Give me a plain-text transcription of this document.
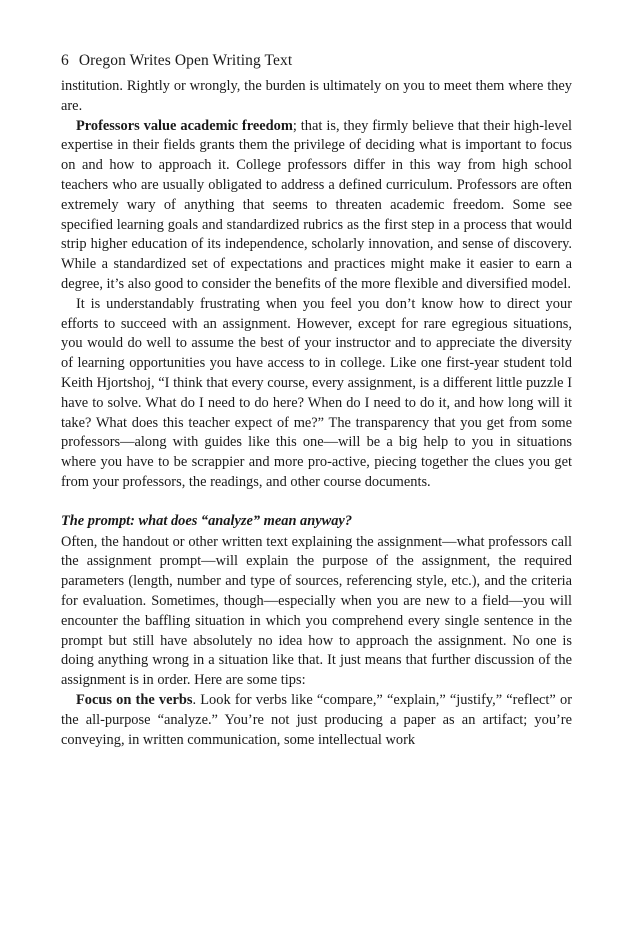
6 Oregon Writes Open Writing Text

institution. Rightly or wrongly, the burden is ultimately on you to meet them where they are.

Professors value academic freedom; that is, they firmly believe that their high-level expertise in their fields grants them the privilege of deciding what is important to focus on and how to approach it. College professors differ in this way from high school teachers who are usually obligated to address a defined curriculum. Professors are often extremely wary of anything that seems to threaten academic freedom. Some see specified learning goals and standardized rubrics as the first step in a process that would strip higher education of its independence, scholarly innovation, and sense of discovery. While a standardized set of expectations and practices might make it easier to earn a degree, it’s also good to consider the benefits of the more flexible and diversified model.

It is understandably frustrating when you feel you don’t know how to direct your efforts to succeed with an assignment. However, except for rare egregious situations, you would do well to assume the best of your instructor and to appreciate the diversity of learning opportunities you have access to in college. Like one first-year student told Keith Hjortshoj, “I think that every course, every assignment, is a different little puzzle I have to solve. What do I need to do here? When do I need to do it, and how long will it take? What does this teacher expect of me?” The transparency that you get from some professors—along with guides like this one—will be a big help to you in situations where you have to be scrappier and more pro-active, piecing together the clues you get from your professors, the readings, and other course documents.

The prompt: what does “analyze” mean anyway?

Often, the handout or other written text explaining the assignment—what professors call the assignment prompt—will explain the purpose of the assignment, the required parameters (length, number and type of sources, referencing style, etc.), and the criteria for evaluation. Sometimes, though—especially when you are new to a field—you will encounter the baffling situation in which you comprehend every single sentence in the prompt but still have absolutely no idea how to approach the assignment. No one is doing anything wrong in a situation like that. It just means that further discussion of the assignment is in order. Here are some tips:

Focus on the verbs. Look for verbs like “compare,” “explain,” “justify,” “reflect” or the all-purpose “analyze.” You’re not just producing a paper as an artifact; you’re conveying, in written communication, some intellectual work
